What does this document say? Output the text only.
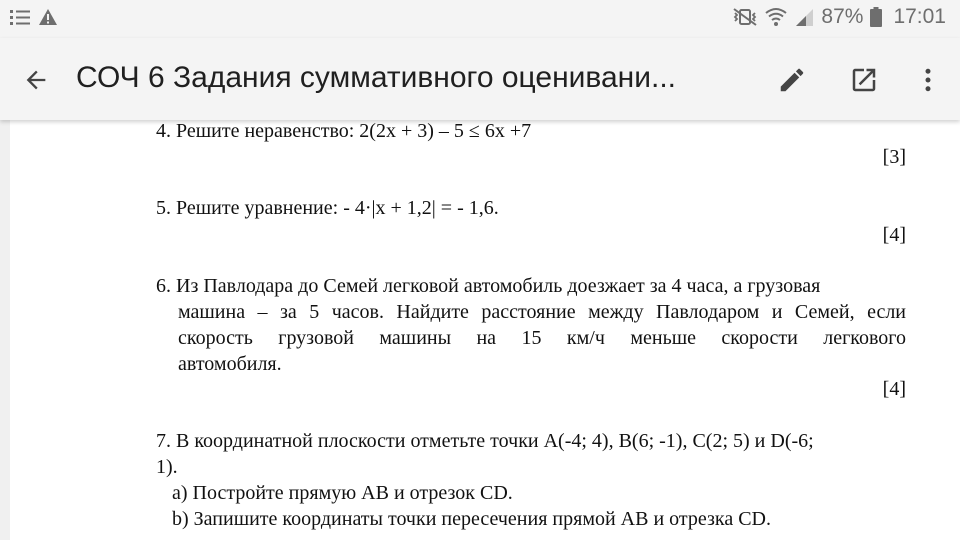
87% 17:01
СОЧ 6 Задания суммативного оценивани...
4. Решите неравенство: 2(2х + 3) – 5 ≤ 6х +7
[3]
5. Решите уравнение: - 4·|x + 1,2| = - 1,6.
[4]
6. Из Павлодара до Семей легковой автомобиль доезжает за 4 часа, а грузовая
машина – за 5 часов. Найдите расстояние между Павлодаром и Семей, если
скорость грузовой машины на 15 км/ч меньше скорости легкового
автомобиля.
[4]
7. В координатной плоскости отметьте точки A(-4; 4), B(6; -1), C(2; 5) и D(-6;
1).
a) Постройте прямую AB и отрезок CD.
b) Запишите координаты точки пересечения прямой AB и отрезка CD.
